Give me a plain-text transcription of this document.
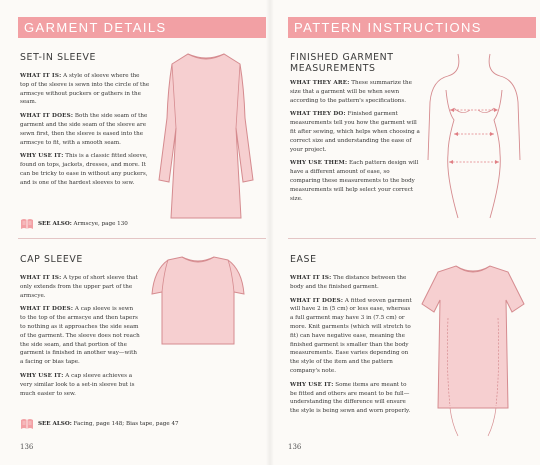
GARMENT DETAILS
SET-IN SLEEVE

WHAT IT IS: A style of sleeve where the top of the sleeve is sewn into the circle of the armscye without puckers or gathers in the seam.

WHAT IT DOES: Both the side seam of the garment and the side seam of the sleeve are sewn first, then the sleeve is eased into the armscye to fit, with a smooth seam.

WHY USE IT: This is a classic fitted sleeve, found on tops, jackets, dresses, and more. It can be tricky to ease in without any puckers, and is one of the hardest sleeves to sew.

SEE ALSO: Armscye, page 130
CAP SLEEVE

WHAT IT IS: A type of short sleeve that only extends from the upper part of the armscye.

WHAT IT DOES: A cap sleeve is sewn to the top of the armscye and then tapers to nothing as it approaches the side seam of the garment. The sleeve does not reach the side seam, and that portion of the garment is finished in another way—with a facing or bias tape.

WHY USE IT: A cap sleeve achieves a very similar look to a set-in sleeve but is much easier to sew.

SEE ALSO: Facing, page 148; Bias tape, page 47
136
PATTERN INSTRUCTIONS
FINISHED GARMENT MEASUREMENTS

WHAT THEY ARE: These summarize the size that a garment will be when sewn according to the pattern's specifications.

WHAT THEY DO: Finished garment measurements tell you how the garment will fit after sewing, which helps when choosing a correct size and understanding the ease of your project.

WHY USE THEM: Each pattern design will have a different amount of ease, so comparing these measurements to the body measurements will help select your correct size.

EASE

WHAT IT IS: The distance between the body and the finished garment.

WHAT IT DOES: A fitted woven garment will have 2 in (5 cm) or less ease, whereas a full garment may have 3 in (7.5 cm) or more. Knit garments (which will stretch to fit) can have negative ease, meaning the finished garment is smaller than the body measurements. Ease varies depending on the style of the item and the pattern company's note.

WHY USE IT: Some items are meant to be fitted and others are meant to be full—understanding the difference will ensure the style is being sewn and worn properly.

136
